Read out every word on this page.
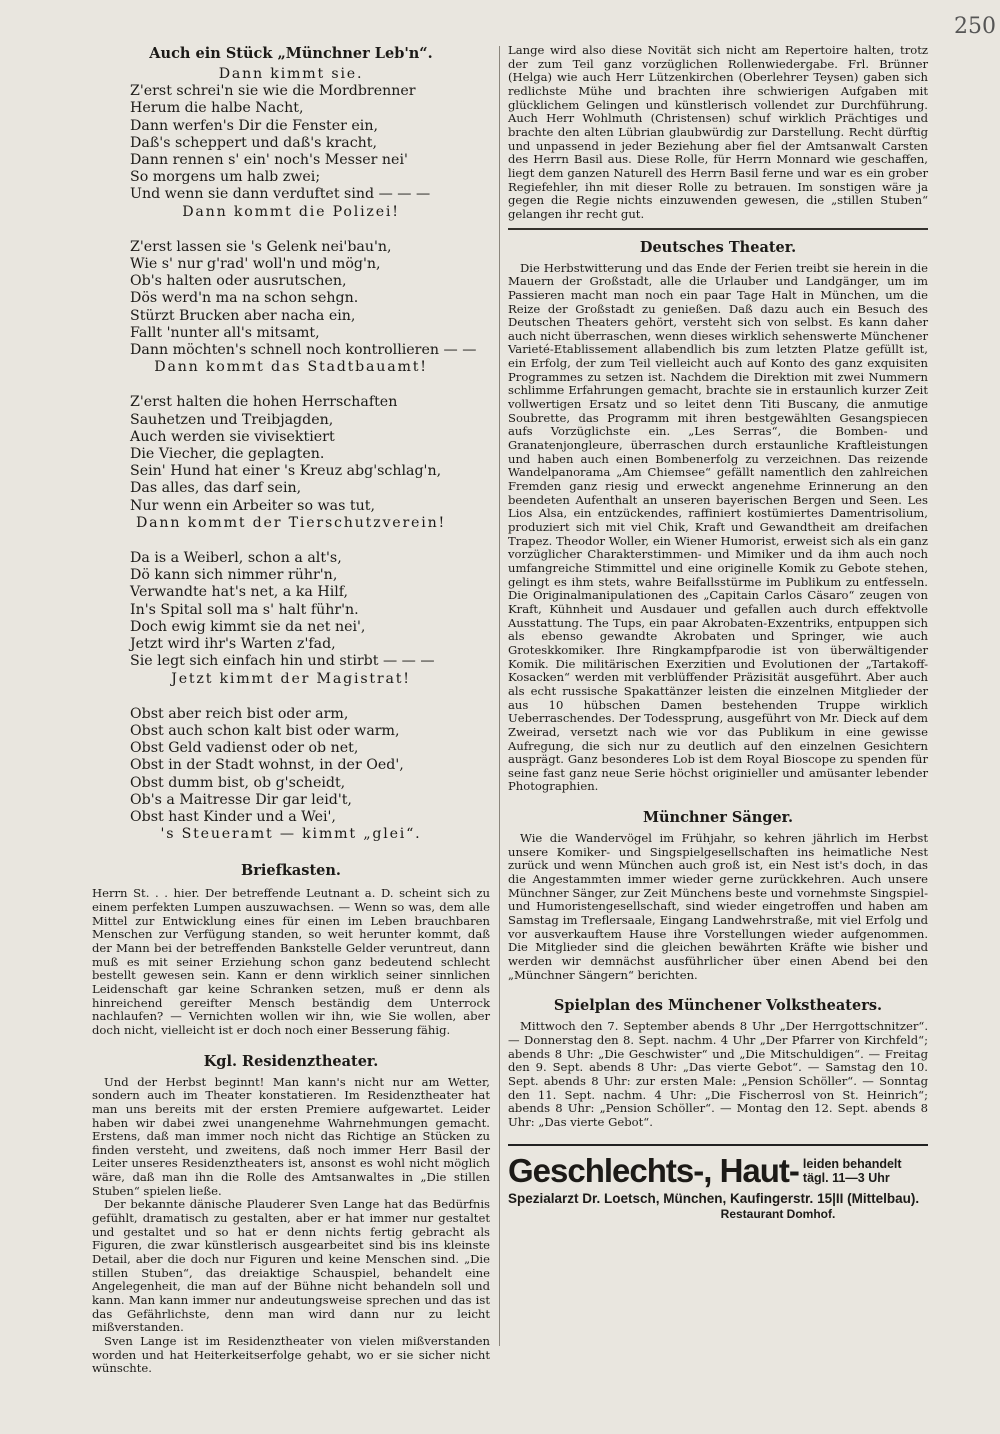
250
Auch ein Stück „Münchner Leb'n“.
Dann kimmt sie.
Z'erst schrei'n sie wie die Mordbrenner
Herum die halbe Nacht,
Dann werfen's Dir die Fenster ein,
Daß's scheppert und daß's kracht,
Dann rennen s' ein' noch's Messer nei'
So morgens um halb zwei;
Und wenn sie dann verduftet sind — — —
Dann kommt die Polizei!
Z'erst lassen sie 's Gelenk nei'bau'n,
Wie s' nur g'rad' woll'n und mög'n,
Ob's halten oder ausrutschen,
Dös werd'n ma na schon sehgn.
Stürzt Brucken aber nacha ein,
Fallt 'nunter all's mitsamt,
Dann möchten's schnell noch kontrollieren — —
Dann kommt das Stadtbauamt!
Z'erst halten die hohen Herrschaften
Sauhetzen und Treibjagden,
Auch werden sie vivisektiert
Die Viecher, die geplagten.
Sein' Hund hat einer 's Kreuz abg'schlag'n,
Das alles, das darf sein,
Nur wenn ein Arbeiter so was tut,
Dann kommt der Tierschutzverein!
Da is a Weiberl, schon a alt's,
Dö kann sich nimmer rühr'n,
Verwandte hat's net, a ka Hilf,
In's Spital soll ma s' halt führ'n.
Doch ewig kimmt sie da net nei',
Jetzt wird ihr's Warten z'fad,
Sie legt sich einfach hin und stirbt — — —
Jetzt kimmt der Magistrat!
Obst aber reich bist oder arm,
Obst auch schon kalt bist oder warm,
Obst Geld vadienst oder ob net,
Obst in der Stadt wohnst, in der Oed',
Obst dumm bist, ob g'scheidt,
Ob's a Maitresse Dir gar leid't,
Obst hast Kinder und a Wei',
's Steueramt — kimmt „glei“.
Briefkasten.

Herrn St. . . hier. Der betreffende Leutnant a. D. scheint sich zu einem perfekten Lumpen auszuwachsen. — Wenn so was, dem alle Mittel zur Entwicklung eines für einen im Leben brauchbaren Menschen zur Verfügung standen, so weit herunter kommt, daß der Mann bei der betreffenden Bankstelle Gelder veruntreut, dann muß es mit seiner Erziehung schon ganz bedeutend schlecht bestellt gewesen sein. Kann er denn wirklich seiner sinnlichen Leidenschaft gar keine Schranken setzen, muß er denn als hinreichend gereifter Mensch beständig dem Unterrock nachlaufen? — Vernichten wollen wir ihn, wie Sie wollen, aber doch nicht, vielleicht ist er doch noch einer Besserung fähig.

Kgl. Residenztheater.

Und der Herbst beginnt! Man kann's nicht nur am Wetter, sondern auch im Theater konstatieren. Im Residenztheater hat man uns bereits mit der ersten Premiere aufgewartet. Leider haben wir dabei zwei unangenehme Wahrnehmungen gemacht. Erstens, daß man immer noch nicht das Richtige an Stücken zu finden versteht, und zweitens, daß noch immer Herr Basil der Leiter unseres Residenztheaters ist, ansonst es wohl nicht möglich wäre, daß man ihn die Rolle des Amtsanwaltes in „Die stillen Stuben“ spielen ließe.

Der bekannte dänische Plauderer Sven Lange hat das Bedürfnis gefühlt, dramatisch zu gestalten, aber er hat immer nur gestaltet und gestaltet und so hat er denn nichts fertig gebracht als Figuren, die zwar künstlerisch ausgearbeitet sind bis ins kleinste Detail, aber die doch nur Figuren und keine Menschen sind. „Die stillen Stuben“, das dreiaktige Schauspiel, behandelt eine Angelegenheit, die man auf der Bühne nicht behandeln soll und kann. Man kann immer nur andeutungsweise sprechen und das ist das Gefährlichste, denn man wird dann nur zu leicht mißverstanden.

Sven Lange ist im Residenztheater von vielen mißverstanden worden und hat Heiterkeitserfolge gehabt, wo er sie sicher nicht wünschte.

Lange wird also diese Novität sich nicht am Repertoire halten, trotz der zum Teil ganz vorzüglichen Rollenwiedergabe. Frl. Brünner (Helga) wie auch Herr Lützenkirchen (Oberlehrer Teysen) gaben sich redlichste Mühe und brachten ihre schwierigen Aufgaben mit glücklichem Gelingen und künstlerisch vollendet zur Durchführung. Auch Herr Wohlmuth (Christensen) schuf wirklich Prächtiges und brachte den alten Lübrian glaubwürdig zur Darstellung. Recht dürftig und unpassend in jeder Beziehung aber fiel der Amtsanwalt Carsten des Herrn Basil aus. Diese Rolle, für Herrn Monnard wie geschaffen, liegt dem ganzen Naturell des Herrn Basil ferne und war es ein grober Regiefehler, ihn mit dieser Rolle zu betrauen. Im sonstigen wäre ja gegen die Regie nichts einzuwenden gewesen, die „stillen Stuben“ gelangen ihr recht gut.

Deutsches Theater.

Die Herbstwitterung und das Ende der Ferien treibt sie herein in die Mauern der Großstadt, alle die Urlauber und Landgänger, um im Passieren macht man noch ein paar Tage Halt in München, um die Reize der Großstadt zu genießen. Daß dazu auch ein Besuch des Deutschen Theaters gehört, versteht sich von selbst. Es kann daher auch nicht überraschen, wenn dieses wirklich sehenswerte Münchener Varieté-Etablissement allabendlich bis zum letzten Platze gefüllt ist, ein Erfolg, der zum Teil vielleicht auch auf Konto des ganz exquisiten Programmes zu setzen ist. Nachdem die Direktion mit zwei Nummern schlimme Erfahrungen gemacht, brachte sie in erstaunlich kurzer Zeit vollwertigen Ersatz und so leitet denn Titi Buscany, die anmutige Soubrette, das Programm mit ihren bestgewählten Gesangspiecen aufs Vorzüglichste ein. „Les Serras“, die Bomben- und Granatenjongleure, überraschen durch erstaunliche Kraftleistungen und haben auch einen Bombenerfolg zu verzeichnen. Das reizende Wandelpanorama „Am Chiemsee“ gefällt namentlich den zahlreichen Fremden ganz riesig und erweckt angenehme Erinnerung an den beendeten Aufenthalt an unseren bayerischen Bergen und Seen. Les Lios Alsa, ein entzückendes, raffiniert kostümiertes Damentrisolium, produziert sich mit viel Chik, Kraft und Gewandtheit am dreifachen Trapez. Theodor Woller, ein Wiener Humorist, erweist sich als ein ganz vorzüglicher Charakterstimmen- und Mimiker und da ihm auch noch umfangreiche Stimmittel und eine originelle Komik zu Gebote stehen, gelingt es ihm stets, wahre Beifallsstürme im Publikum zu entfesseln. Die Originalmanipulationen des „Capitain Carlos Cäsaro“ zeugen von Kraft, Kühnheit und Ausdauer und gefallen auch durch effektvolle Ausstattung. The Tups, ein paar Akrobaten-Exzentriks, entpuppen sich als ebenso gewandte Akrobaten und Springer, wie auch Groteskkomiker. Ihre Ringkampfparodie ist von überwältigender Komik. Die militärischen Exerzitien und Evolutionen der „Tartakoff-Kosacken“ werden mit verblüffender Präzisität ausgeführt. Aber auch als echt russische Spakattänzer leisten die einzelnen Mitglieder der aus 10 hübschen Damen bestehenden Truppe wirklich Ueberraschendes. Der Todessprung, ausgeführt von Mr. Dieck auf dem Zweirad, versetzt nach wie vor das Publikum in eine gewisse Aufregung, die sich nur zu deutlich auf den einzelnen Gesichtern ausprägt. Ganz besonderes Lob ist dem Royal Bioscope zu spenden für seine fast ganz neue Serie höchst originieller und amüsanter lebender Photographien.

Münchner Sänger.

Wie die Wandervögel im Frühjahr, so kehren jährlich im Herbst unsere Komiker- und Singspielgesellschaften ins heimatliche Nest zurück und wenn München auch groß ist, ein Nest ist's doch, in das die Angestammten immer wieder gerne zurückkehren. Auch unsere Münchner Sänger, zur Zeit Münchens beste und vornehmste Singspiel- und Humoristengesellschaft, sind wieder eingetroffen und haben am Samstag im Treflersaale, Eingang Landwehrstraße, mit viel Erfolg und vor ausverkauftem Hause ihre Vorstellungen wieder aufgenommen. Die Mitglieder sind die gleichen bewährten Kräfte wie bisher und werden wir demnächst ausführlicher über einen Abend bei den „Münchner Sängern“ berichten.

Spielplan des Münchener Volkstheaters.

Mittwoch den 7. September abends 8 Uhr „Der Herrgottschnitzer“. — Donnerstag den 8. Sept. nachm. 4 Uhr „Der Pfarrer von Kirchfeld“; abends 8 Uhr: „Die Geschwister“ und „Die Mitschuldigen“. — Freitag den 9. Sept. abends 8 Uhr: „Das vierte Gebot“. — Samstag den 10. Sept. abends 8 Uhr: zur ersten Male: „Pension Schöller“. — Sonntag den 11. Sept. nachm. 4 Uhr: „Die Fischerrosl von St. Heinrich“; abends 8 Uhr: „Pension Schöller“. — Montag den 12. Sept. abends 8 Uhr: „Das vierte Gebot“.

Geschlechts-, Haut- leiden behandelt
tägl. 11—3 Uhr
Spezialarzt Dr. Loetsch, München, Kaufingerstr. 15|II (Mittelbau).
Restaurant Domhof.
